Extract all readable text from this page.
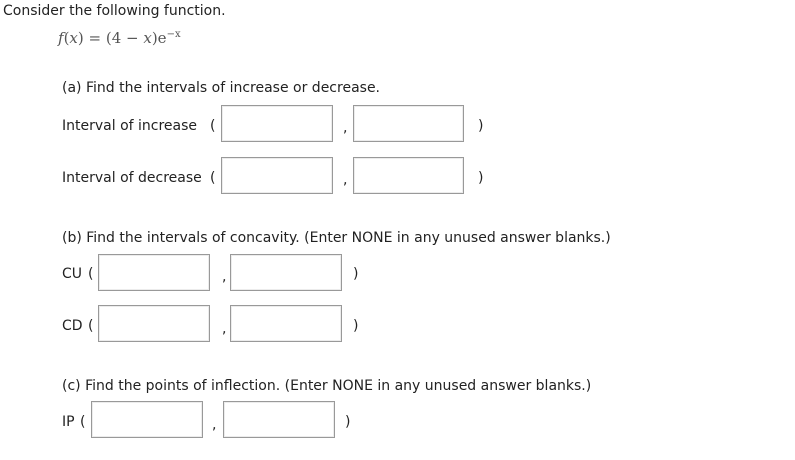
Consider the following function.
$f(x) = (4 - x)e^{-x}$
(a) Find the intervals of increase or decrease.
Interval of increase (	,	)
Interval of decrease (	,	)
(b) Find the intervals of concavity. (Enter NONE in any unused answer blanks.)
CU (	,	)
CD (	,	)
(c) Find the points of inflection. (Enter NONE in any unused answer blanks.)
IP (	,	)
